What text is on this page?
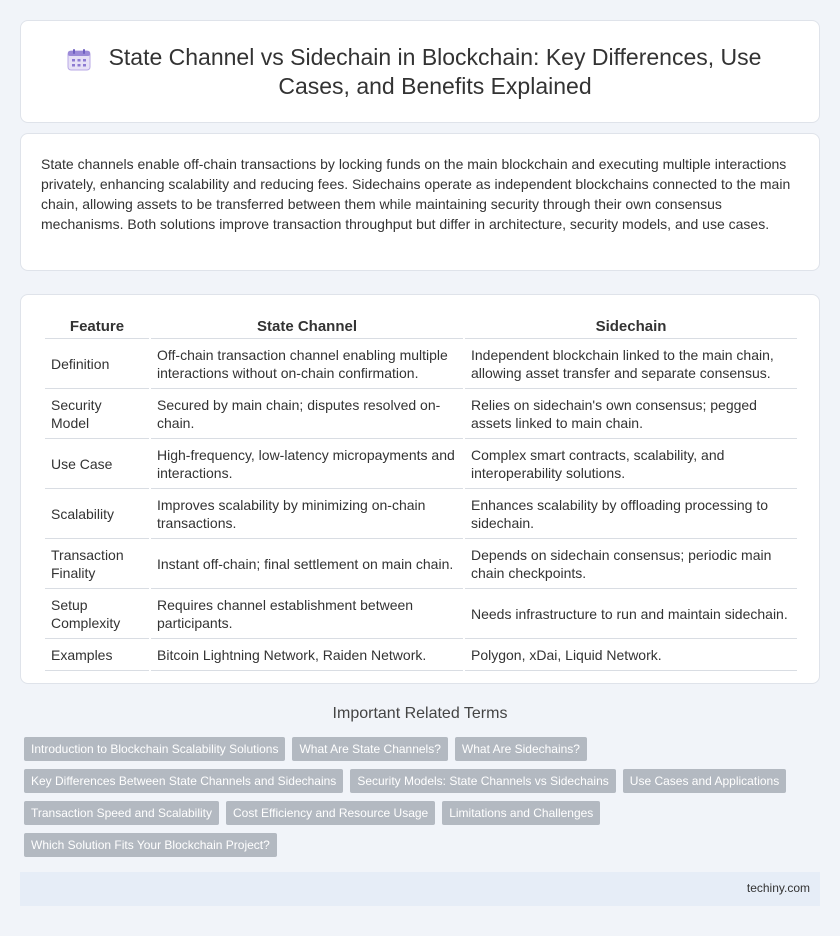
State Channel vs Sidechain in Blockchain: Key Differences, Use Cases, and Benefits Explained

State channels enable off-chain transactions by locking funds on the main blockchain and executing multiple interactions privately, enhancing scalability and reducing fees. Sidechains operate as independent blockchains connected to the main chain, allowing assets to be transferred between them while maintaining security through their own consensus mechanisms. Both solutions improve transaction throughput but differ in architecture, security models, and use cases.

Feature	State Channel	Sidechain
Definition	Off-chain transaction channel enabling multiple interactions without on-chain confirmation.	Independent blockchain linked to the main chain, allowing asset transfer and separate consensus.
Security Model	Secured by main chain; disputes resolved on-chain.	Relies on sidechain's own consensus; pegged assets linked to main chain.
Use Case	High-frequency, low-latency micropayments and interactions.	Complex smart contracts, scalability, and interoperability solutions.
Scalability	Improves scalability by minimizing on-chain transactions.	Enhances scalability by offloading processing to sidechain.
Transaction Finality	Instant off-chain; final settlement on main chain.	Depends on sidechain consensus; periodic main chain checkpoints.
Setup Complexity	Requires channel establishment between participants.	Needs infrastructure to run and maintain sidechain.
Examples	Bitcoin Lightning Network, Raiden Network.	Polygon, xDai, Liquid Network.
Important Related Terms
Introduction to Blockchain Scalability Solutions	What Are State Channels?	What Are Sidechains?
Key Differences Between State Channels and Sidechains	Security Models: State Channels vs Sidechains	Use Cases and Applications
Transaction Speed and Scalability	Cost Efficiency and Resource Usage	Limitations and Challenges
Which Solution Fits Your Blockchain Project?
techiny.com
